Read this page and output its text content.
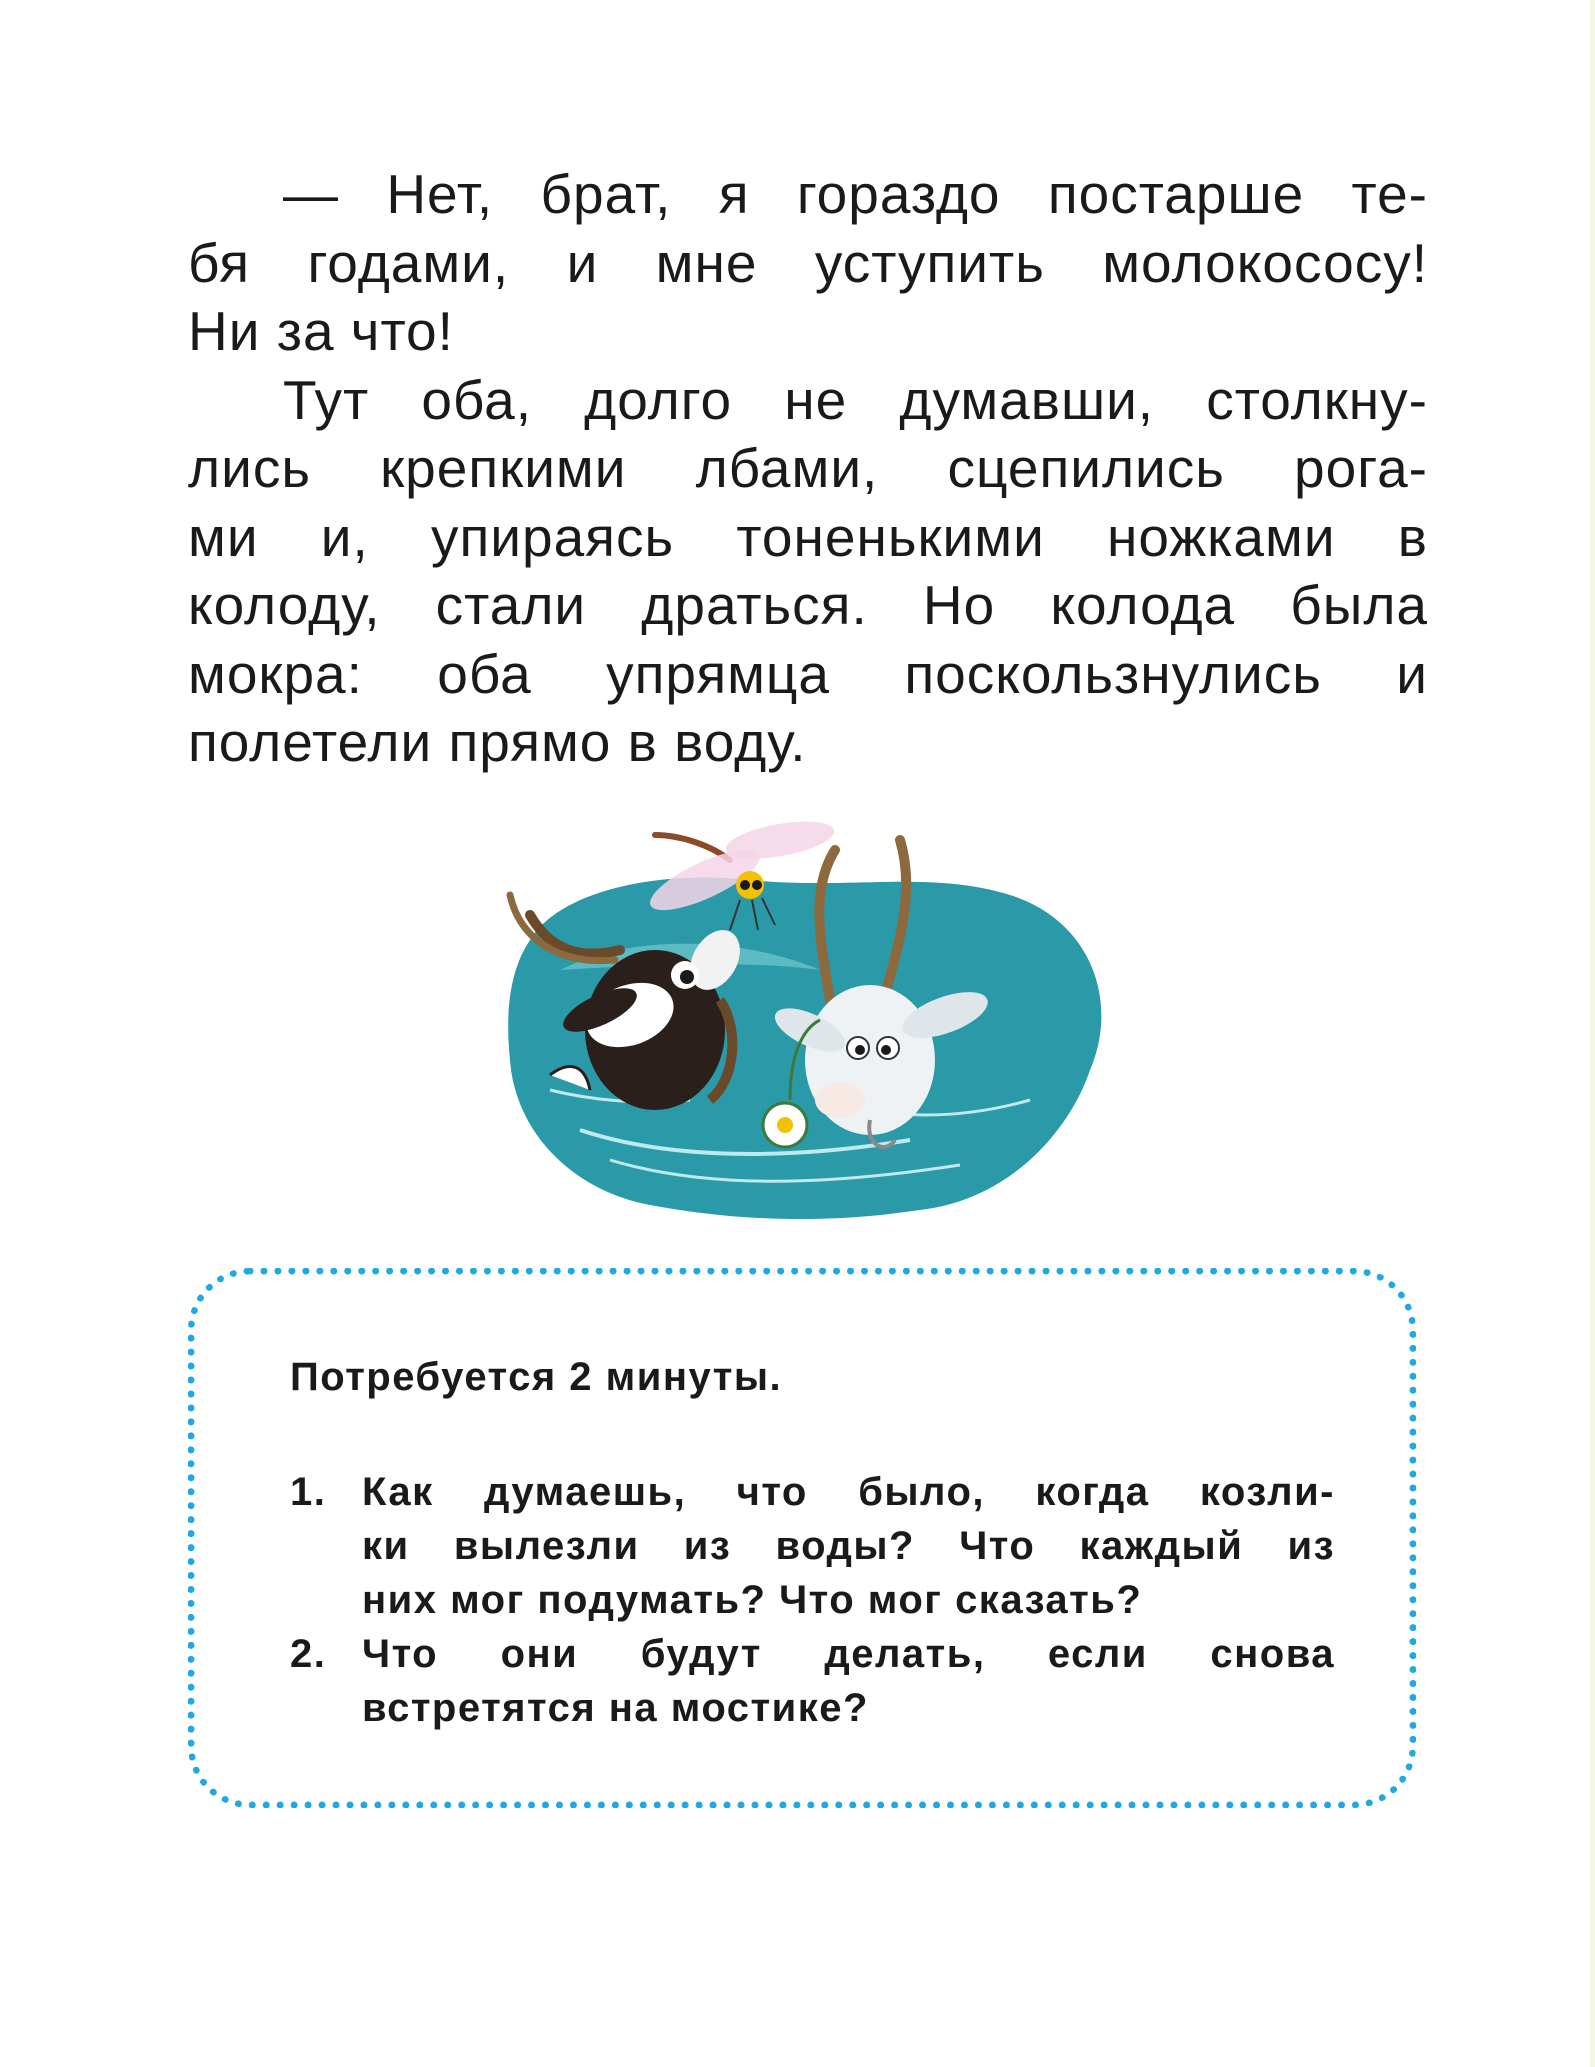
— Нет, брат, я гораздо постарше те-
бя годами, и мне уступить молокососу!
Ни за что!

Тут оба, долго не думавши, столкну-
лись крепкими лбами, сцепились рога-
ми и, упираясь тоненькими ножками в
колоду, стали драться. Но колода была
мокра: оба упрямца поскользнулись и
полетели прямо в воду.

Потребуется 2 минуты.
1. Как думаешь, что было, когда козли-
ки вылезли из воды? Что каждый из
них мог подумать? Что мог сказать?
2. Что они будут делать, если снова
встретятся на мостике?
